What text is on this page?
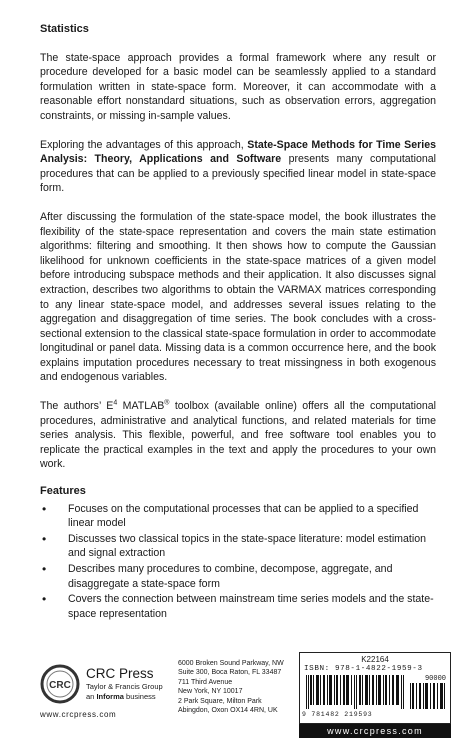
Statistics

The state-space approach provides a formal framework where any result or procedure developed for a basic model can be seamlessly applied to a standard formulation written in state-space form. Moreover, it can accommodate with a reasonable effort nonstandard situations, such as observation errors, aggregation constraints, or missing in-sample values.

Exploring the advantages of this approach, State-Space Methods for Time Series Analysis: Theory, Applications and Software presents many computational procedures that can be applied to a previously specified linear model in state-space form.

After discussing the formulation of the state-space model, the book illustrates the flexibility of the state-space representation and covers the main state estimation algorithms: filtering and smoothing. It then shows how to compute the Gaussian likelihood for unknown coefficients in the state-space matrices of a given model before introducing subspace methods and their application. It also discusses signal extraction, describes two algorithms to obtain the VARMAX matrices corresponding to any linear state-space model, and addresses several issues relating to the aggregation and disaggregation of time series. The book concludes with a cross-sectional extension to the classical state-space formulation in order to accommodate longitudinal or panel data. Missing data is a common occurrence here, and the book explains imputation procedures necessary to treat missingness in both exogenous and endogenous variables.

The authors’ $E^4$ MATLAB® toolbox (available online) offers all the computational procedures, administrative and analytical functions, and related materials for time series analysis. This flexible, powerful, and free software tool enables you to replicate the practical examples in the text and apply the procedures to your own work.

Features
• Focuses on the computational processes that can be applied to a specified linear model
• Discusses two classical topics in the state-space literature: model estimation and signal extraction
• Describes many procedures to combine, decompose, aggregate, and disaggregate a state-space form
• Covers the connection between mainstream time series models and the state-space representation
CRC
CRC Press
Taylor & Francis Group
an Informa business
www.crcpress.com
6000 Broken Sound Parkway, NW
Suite 300, Boca Raton, FL 33487
711 Third Avenue
New York, NY 10017
2 Park Square, Milton Park
Abingdon, Oxon OX14 4RN, UK
K22164
ISBN: 978-1-4822-1959-3
90000
9 781482 219593
www.crcpress.com
